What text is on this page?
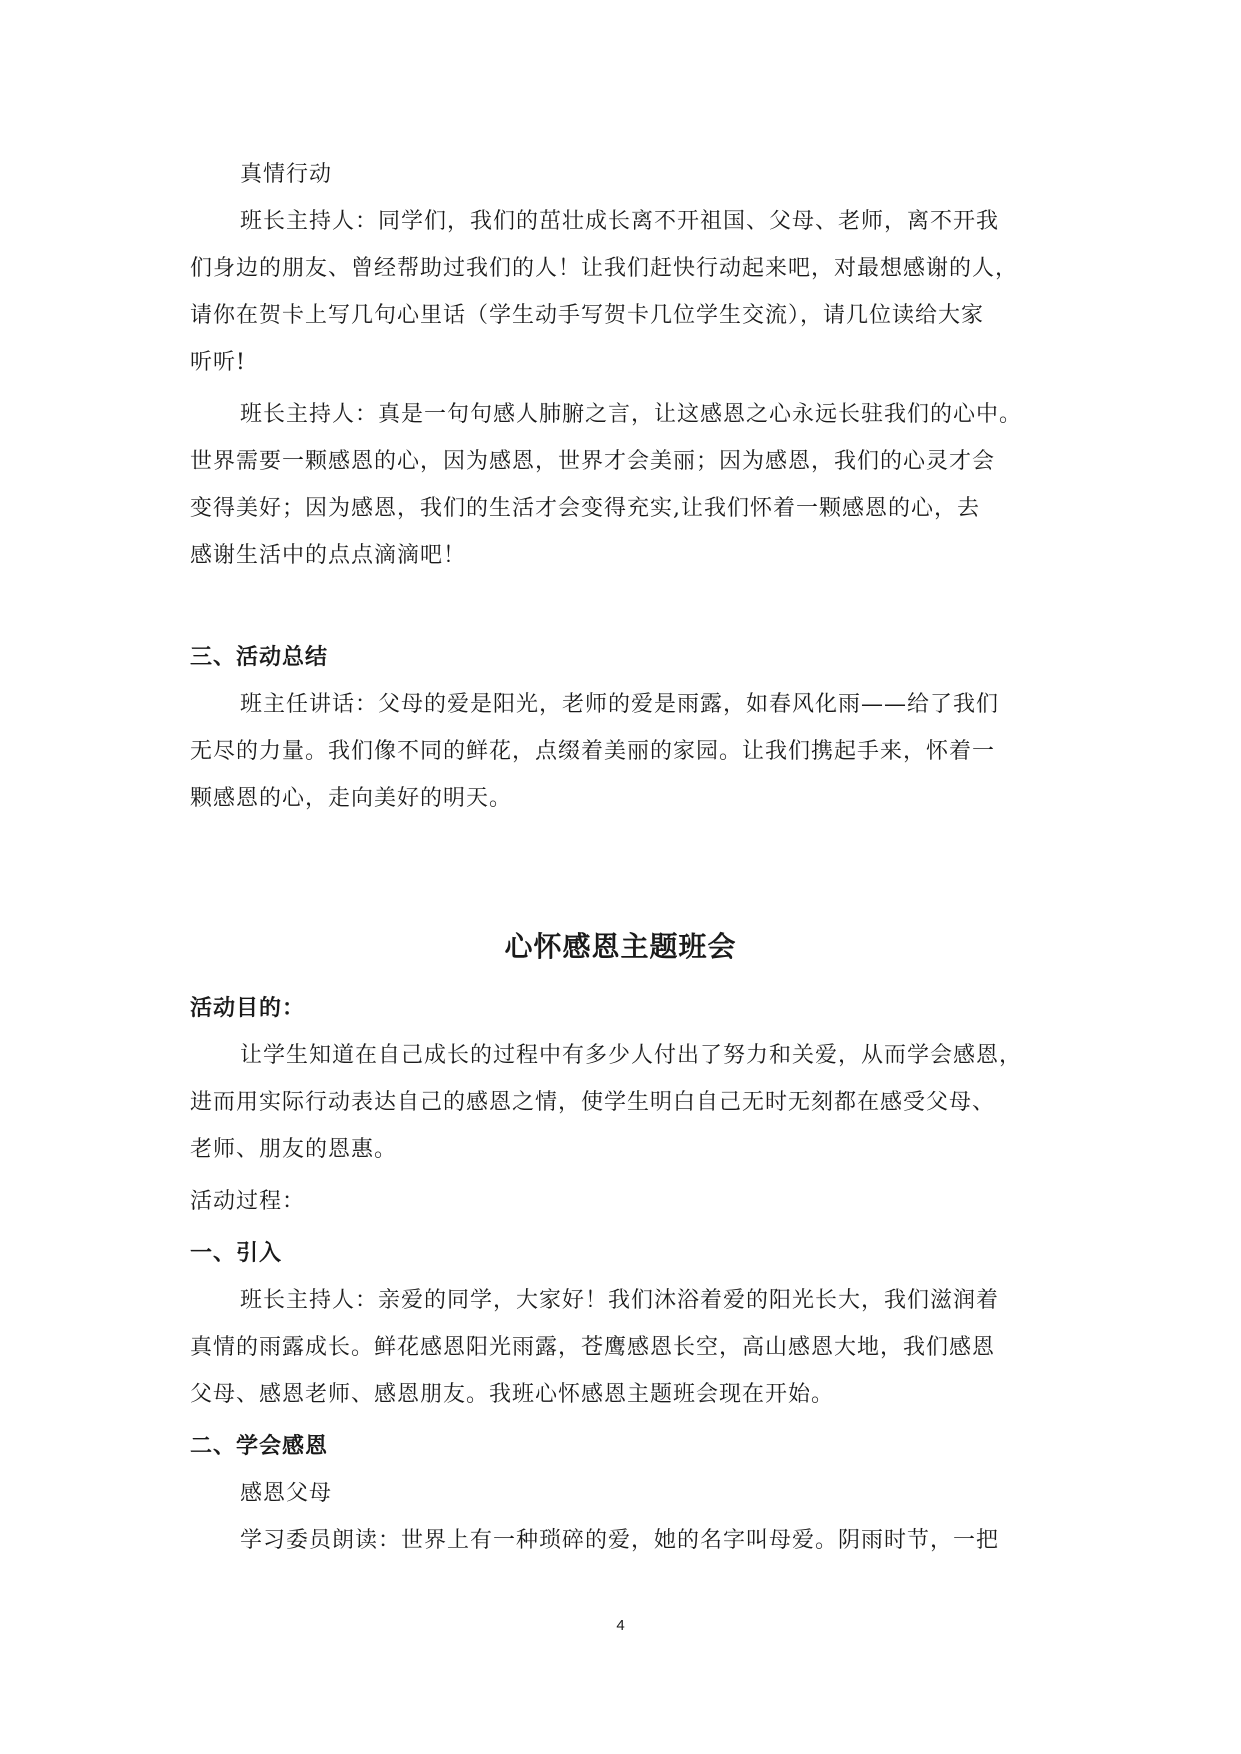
真情行动
班长主持人：同学们，我们的茁壮成长离不开祖国、父母、老师，离不开我
们身边的朋友、曾经帮助过我们的人！让我们赶快行动起来吧，对最想感谢的人，
请你在贺卡上写几句心里话（学生动手写贺卡几位学生交流），请几位读给大家
听听!
班长主持人：真是一句句感人肺腑之言，让这感恩之心永远长驻我们的心中。
世界需要一颗感恩的心，因为感恩，世界才会美丽；因为感恩，我们的心灵才会
变得美好；因为感恩，我们的生活才会变得充实,让我们怀着一颗感恩的心，去
感谢生活中的点点滴滴吧！
三、活动总结
班主任讲话：父母的爱是阳光，老师的爱是雨露，如春风化雨——给了我们
无尽的力量。我们像不同的鲜花，点缀着美丽的家园。让我们携起手来，怀着一
颗感恩的心，走向美好的明天。
心怀感恩主题班会
活动目的：
让学生知道在自己成长的过程中有多少人付出了努力和关爱，从而学会感恩，
进而用实际行动表达自己的感恩之情，使学生明白自己无时无刻都在感受父母、
老师、朋友的恩惠。
活动过程：
一、引入
班长主持人：亲爱的同学，大家好！我们沐浴着爱的阳光长大，我们滋润着
真情的雨露成长。鲜花感恩阳光雨露，苍鹰感恩长空，高山感恩大地，我们感恩
父母、感恩老师、感恩朋友。我班心怀感恩主题班会现在开始。
二、学会感恩
感恩父母
学习委员朗读：世界上有一种琐碎的爱，她的名字叫母爱。阴雨时节，一把
4
